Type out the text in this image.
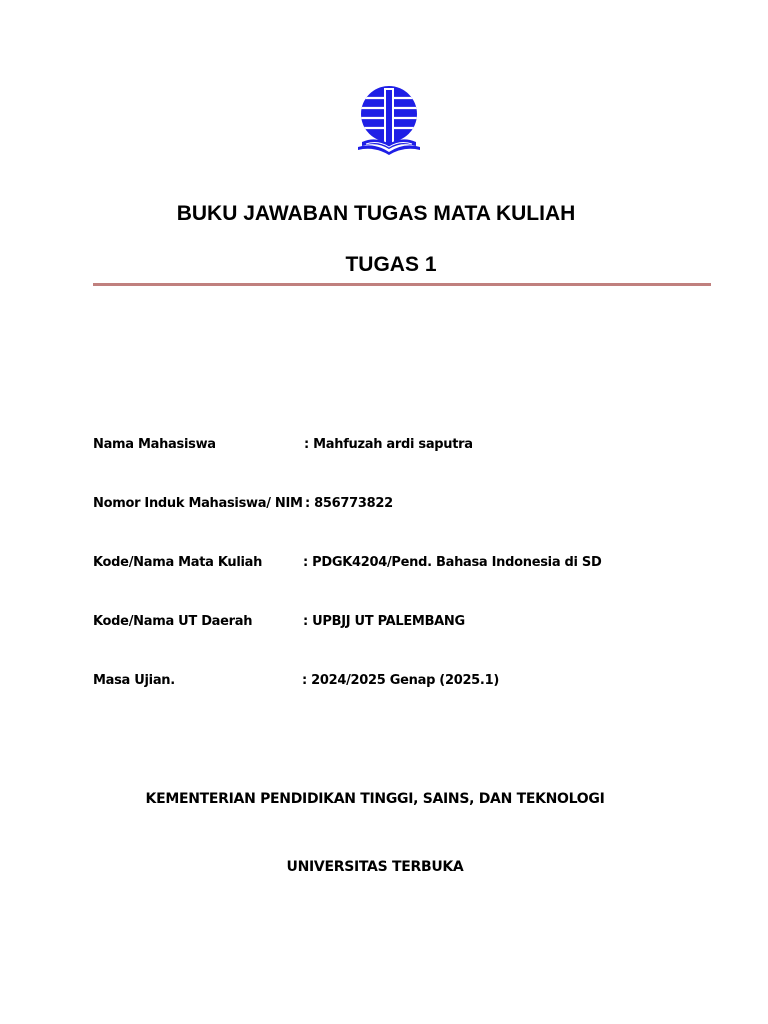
BUKU JAWABAN TUGAS MATA KULIAH
TUGAS 1
Nama Mahasiswa	: Mahfuzah ardi saputra
Nomor Induk Mahasiswa/ NIM : 856773822
Kode/Nama Mata Kuliah	: PDGK4204/Pend. Bahasa Indonesia di SD
Kode/Nama UT Daerah	: UPBJJ UT PALEMBANG
Masa Ujian.	: 2024/2025 Genap (2025.1)
KEMENTERIAN PENDIDIKAN TINGGI, SAINS, DAN TEKNOLOGI
UNIVERSITAS TERBUKA
